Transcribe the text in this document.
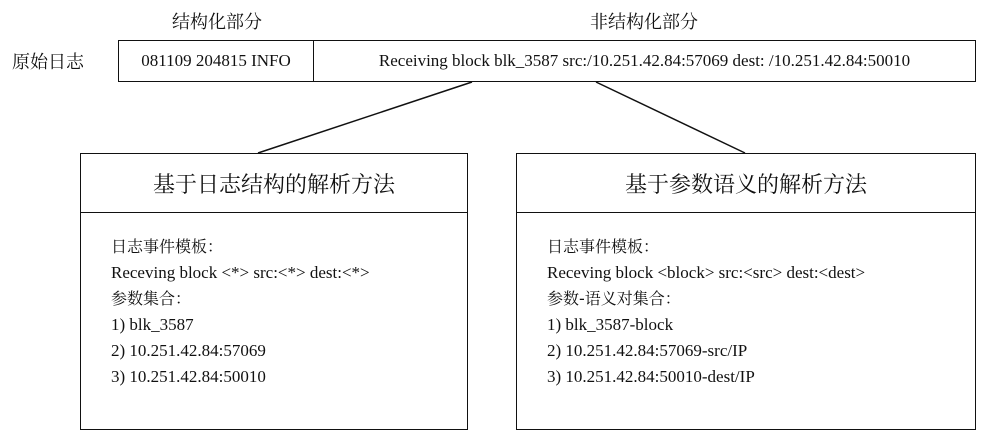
结构化部分	非结构化部分
原始日志	081109 204815 INFO	Receiving block blk_3587 src:/10.251.42.84:57069 dest: /10.251.42.84:50010
基于日志结构的解析方法
日志事件模板：
Receving block <*> src:<*> dest:<*>
参数集合：
1) blk_3587
2) 10.251.42.84:57069
3) 10.251.42.84:50010
基于参数语义的解析方法
日志事件模板：
Receving block <block> src:<src> dest:<dest>
参数-语义对集合：
1) blk_3587-block
2) 10.251.42.84:57069-src/IP
3) 10.251.42.84:50010-dest/IP
